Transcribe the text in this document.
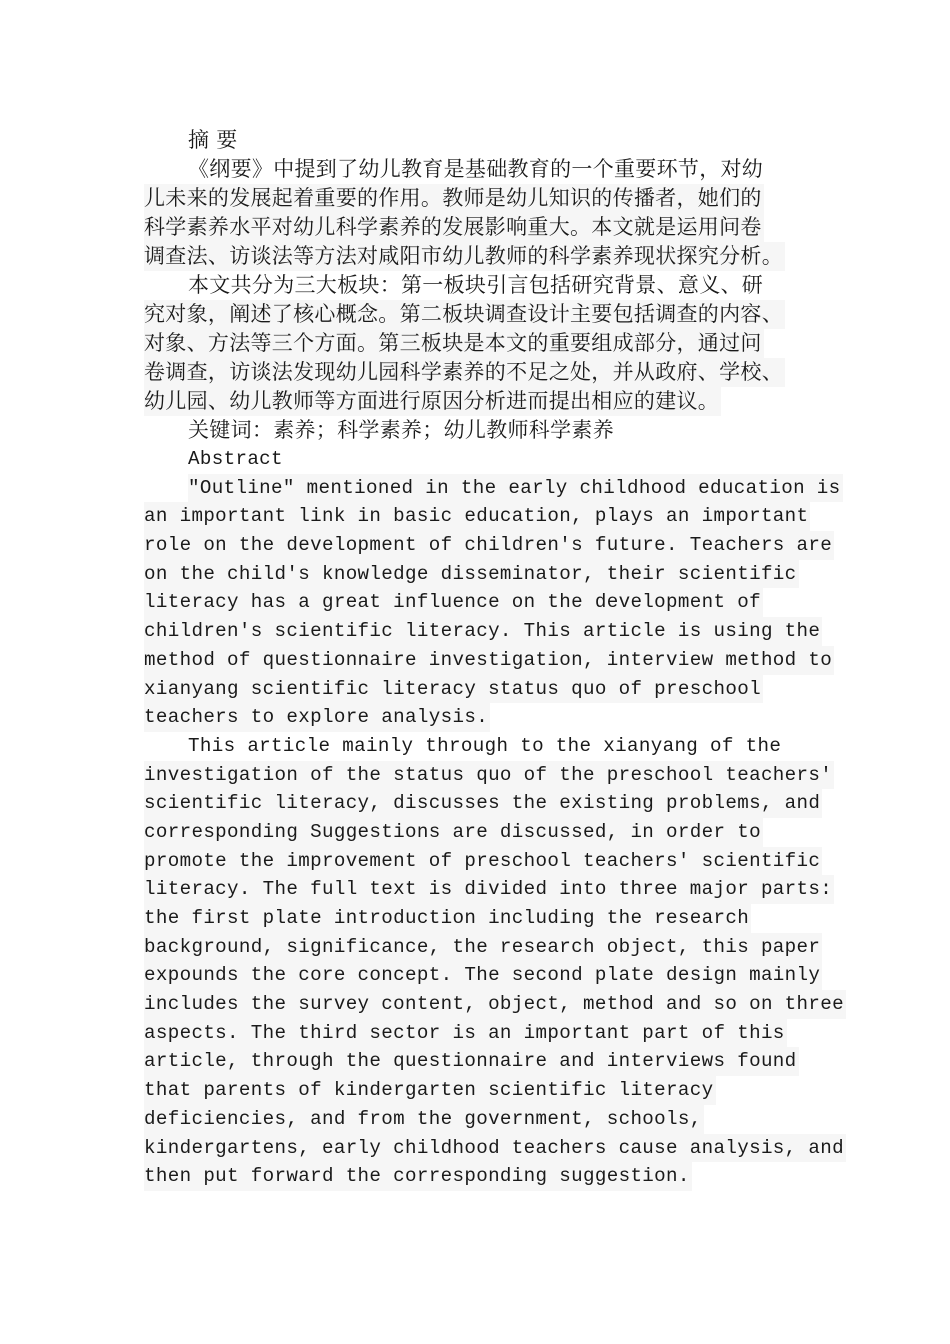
摘 要
《纲要》中提到了幼儿教育是基础教育的一个重要环节，对幼
儿未来的发展起着重要的作用。教师是幼儿知识的传播者，她们的
科学素养水平对幼儿科学素养的发展影响重大。本文就是运用问卷
调查法、访谈法等方法对咸阳市幼儿教师的科学素养现状探究分析。
本文共分为三大板块：第一板块引言包括研究背景、意义、研
究对象，阐述了核心概念。第二板块调查设计主要包括调查的内容、
对象、方法等三个方面。第三板块是本文的重要组成部分，通过问
卷调查，访谈法发现幼儿园科学素养的不足之处，并从政府、学校、
幼儿园、幼儿教师等方面进行原因分析进而提出相应的建议。
关键词：素养；科学素养；幼儿教师科学素养
Abstract
"Outline" mentioned in the early childhood education is
an important link in basic education, plays an important
role on the development of children's future. Teachers are
on the child's knowledge disseminator, their scientific
literacy has a great influence on the development of
children's scientific literacy. This article is using the
method of questionnaire investigation, interview method to
xianyang scientific literacy status quo of preschool
teachers to explore analysis.
This article mainly through to the xianyang of the
investigation of the status quo of the preschool teachers'
scientific literacy, discusses the existing problems, and
corresponding Suggestions are discussed, in order to
promote the improvement of preschool teachers' scientific
literacy. The full text is divided into three major parts:
the first plate introduction including the research
background, significance, the research object, this paper
expounds the core concept. The second plate design mainly
includes the survey content, object, method and so on three
aspects. The third sector is an important part of this
article, through the questionnaire and interviews found
that parents of kindergarten scientific literacy
deficiencies, and from the government, schools,
kindergartens, early childhood teachers cause analysis, and
then put forward the corresponding suggestion.
